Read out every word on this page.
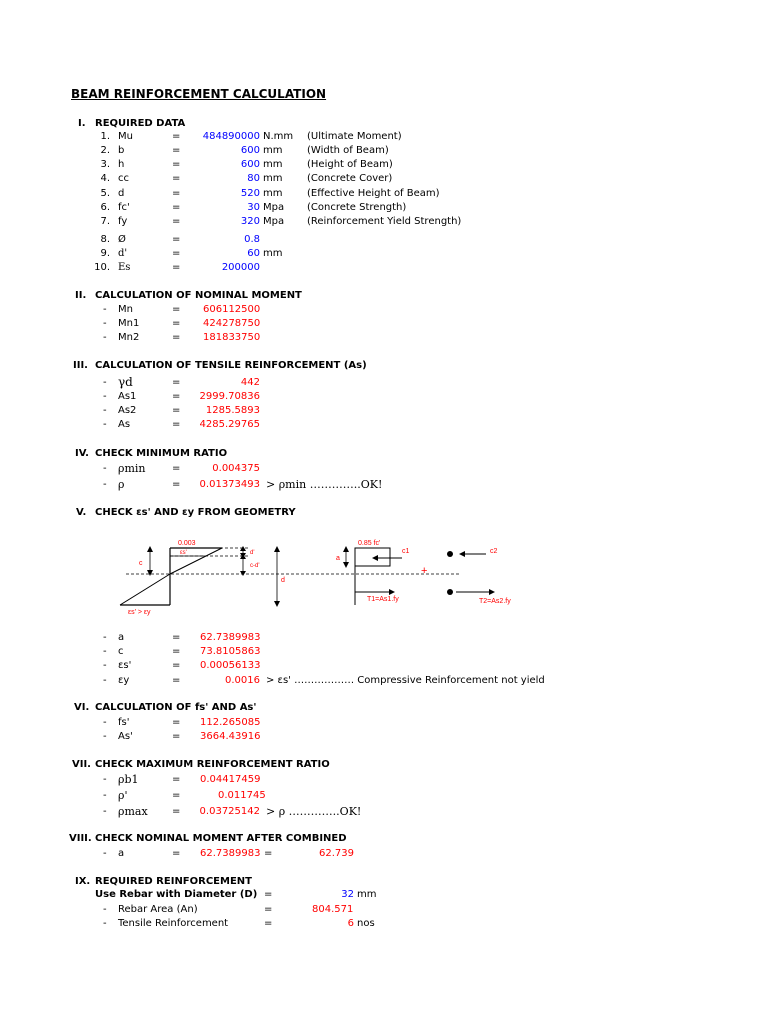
BEAM REINFORCEMENT CALCULATION
I. REQUIRED DATA
1. Mu	=	484890000 N.mm (Ultimate Moment)
2. b	=	600 mm (Width of Beam)
3. h	=	600 mm (Height of Beam)
4. cc	=	80 mm (Concrete Cover)
5. d	=	520 mm (Effective Height of Beam)
6. fc'	=	30 Mpa (Concrete Strength)
7. fy	=	320 Mpa (Reinforcement Yield Strength)
8. Ø	=	0.8
9. d'	=	60 mm
10. Es	=	200000
II. CALCULATION OF NOMINAL MOMENT
- Mn	= 606112500
- Mn1	= 424278750
- Mn2	= 181833750
III. CALCULATION OF TENSILE REINFORCEMENT (As)
- γd	=	442
- As1	=	2999.70836
- As2	=	1285.5893
- As	=	4285.29765
IV. CHECK MINIMUM RATIO
- ρmin	=	0.004375
- ρ	=	0.01373493 > ρmin …………..OK!
V. CHECK εs' AND εy FROM GEOMETRY
0.003
εs'	d'
c-d'
c
d
εs' > εy
0.85 fc'
a
c1	c2
+
T1=As1.fy	T2=As2.fy
- a	= 62.7389983
- c	= 73.8105863
- εs'	= 0.00056133
- εy	=	0.0016 > εs' ……………… Compressive Reinforcement not yield
VI. CALCULATION OF fs' AND As'
- fs'	= 112.265085
- As'	= 3664.43916
VII. CHECK MAXIMUM REINFORCEMENT RATIO
- ρb1	= 0.04417459
- ρ'	=	0.011745
- ρmax =	0.03725142 > ρ …………..OK!
VIII. CHECK NOMINAL MOMENT AFTER COMBINED
- a	= 62.7389983 =	62.739
IX. REQUIRED REINFORCEMENT
Use Rebar with Diameter (D) =	32 mm
- Rebar Area (An)	=	804.571
- Tensile Reinforcement	=	6 nos
